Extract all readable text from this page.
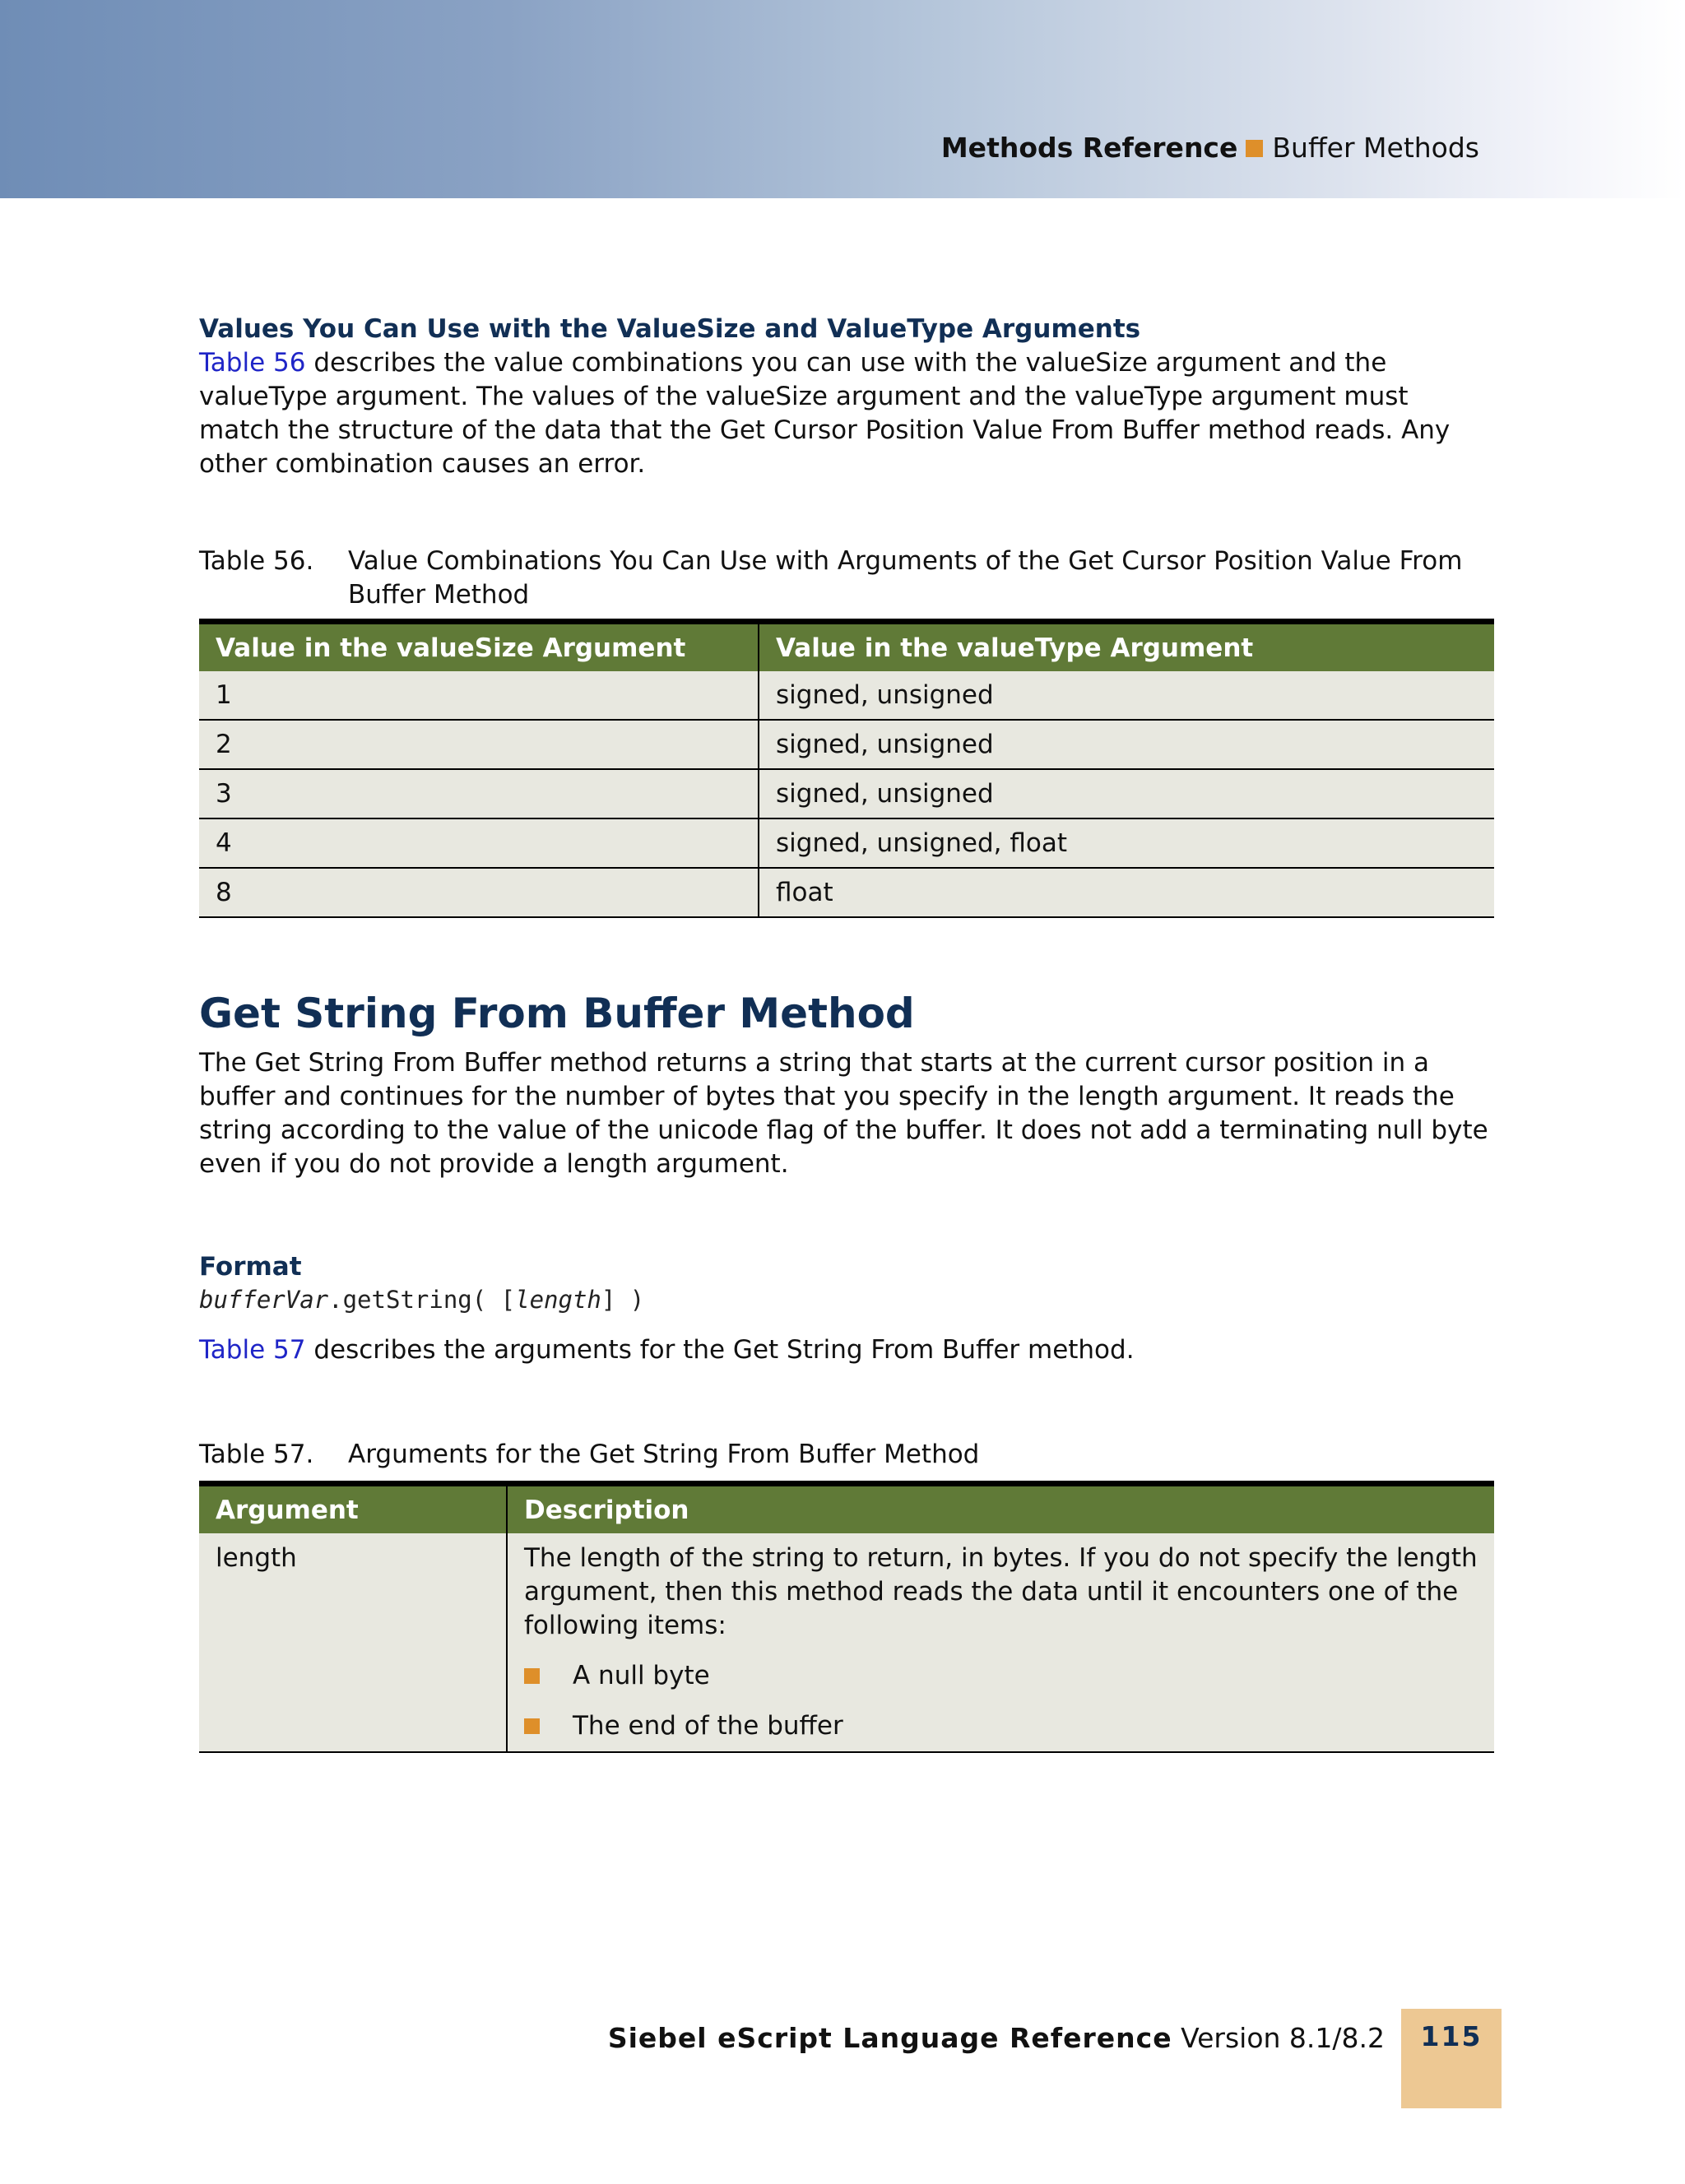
Methods Reference Buffer Methods
Values You Can Use with the ValueSize and ValueType Arguments

Table 56 describes the value combinations you can use with the valueSize argument and the valueType argument. The values of the valueSize argument and the valueType argument must match the structure of the data that the Get Cursor Position Value From Buffer method reads. Any other combination causes an error.

Table 56.	Value Combinations You Can Use with Arguments of the Get Cursor Position Value From Buffer Method
Value in the valueSize Argument	Value in the valueType Argument
1	signed, unsigned
2	signed, unsigned
3	signed, unsigned
4	signed, unsigned, float
8	float
Get String From Buffer Method

The Get String From Buffer method returns a string that starts at the current cursor position in a buffer and continues for the number of bytes that you specify in the length argument. It reads the string according to the value of the unicode flag of the buffer. It does not add a terminating null byte even if you do not provide a length argument.

Format
bufferVar.getString( [length] )

Table 57 describes the arguments for the Get String From Buffer method.

Table 57.	Arguments for the Get String From Buffer Method
Argument	Description
length	The length of the string to return, in bytes. If you do not specify the length argument, then this method reads the data until it encounters one of the following items:
A null byte
The end of the buffer
Siebel eScript Language Reference Version 8.1/8.2	115
